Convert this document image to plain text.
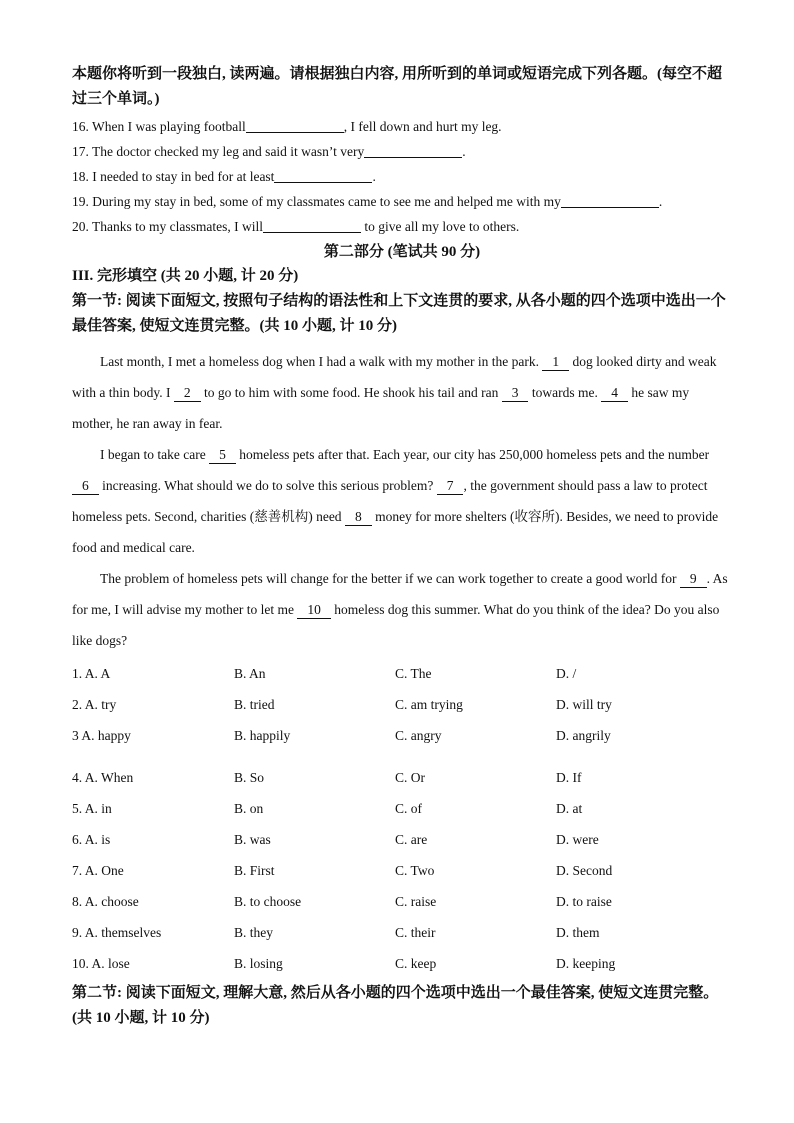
本题你将听到一段独白, 读两遍。请根据独白内容, 用所听到的单词或短语完成下列各题。(每空不超过三个单词。)
16. When I was playing football	, I fell down and hurt my leg.
17. The doctor checked my leg and said it wasn’t very	.
18. I needed to stay in bed for at least	.
19. During my stay in bed, some of my classmates came to see me and helped me with my	.
20. Thanks to my classmates, I will	to give all my love to others.
第二部分 (笔试共 90 分)
III. 完形填空 (共 20 小题, 计 20 分)
第一节: 阅读下面短文, 按照句子结构的语法性和上下文连贯的要求, 从各小题的四个选项中选出一个最佳答案, 使短文连贯完整。(共 10 小题, 计 10 分)

Last month, I met a homeless dog when I had a walk with my mother in the park. 1 dog looked dirty and weak with a thin body. I 2 to go to him with some food. He shook his tail and ran 3 towards me. 4 he saw my mother, he ran away in fear.

I began to take care 5 homeless pets after that. Each year, our city has 250,000 homeless pets and the number 6 increasing. What should we do to solve this serious problem? 7 , the government should pass a law to protect homeless pets. Second, charities (慈善机构) need 8 money for more shelters (收容所). Besides, we need to provide food and medical care.

The problem of homeless pets will change for the better if we can work together to create a good world for 9 . As for me, I will advise my mother to let me 10 homeless dog this summer. What do you think of the idea? Do you also like dogs?

1. A. A	B. An	C. The	D. /
2. A. try	B. tried	C. am trying	D. will try
3 A. happy	B. happily	C. angry	D. angrily
4. A. When	B. So	C. Or	D. If
5. A. in	B. on	C. of	D. at
6. A. is	B. was	C. are	D. were
7. A. One	B. First	C. Two	D. Second
8. A. choose	B. to choose	C. raise	D. to raise
9. A. themselves	B. they	C. their	D. them
10. A. lose	B. losing	C. keep	D. keeping
第二节: 阅读下面短文, 理解大意, 然后从各小题的四个选项中选出一个最佳答案, 使短文连贯完整。(共 10 小题, 计 10 分)
